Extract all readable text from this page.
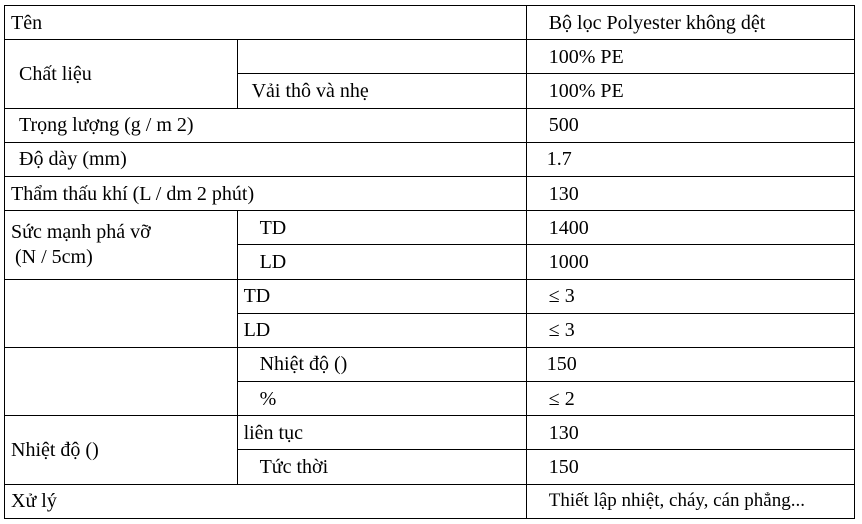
Tên		Bộ lọc Polyester không dệt
Chất liệu		100% PE
	Vải thô và nhẹ	100% PE
Trọng lượng (g / m 2)		500
Độ dày (mm)		1.7
Thẩm thấu khí (L / dm 2 phút)		130
Sức mạnh phá vỡ
(N / 5cm)	TD	1400
	LD	1000
	TD	≤ 3
	LD	≤ 3
	Nhiệt độ ()	150
	%	≤ 2
Nhiệt độ ()	liên tục	130
	Tức thời	150
Xử lý		Thiết lập nhiệt, cháy, cán phẳng...
